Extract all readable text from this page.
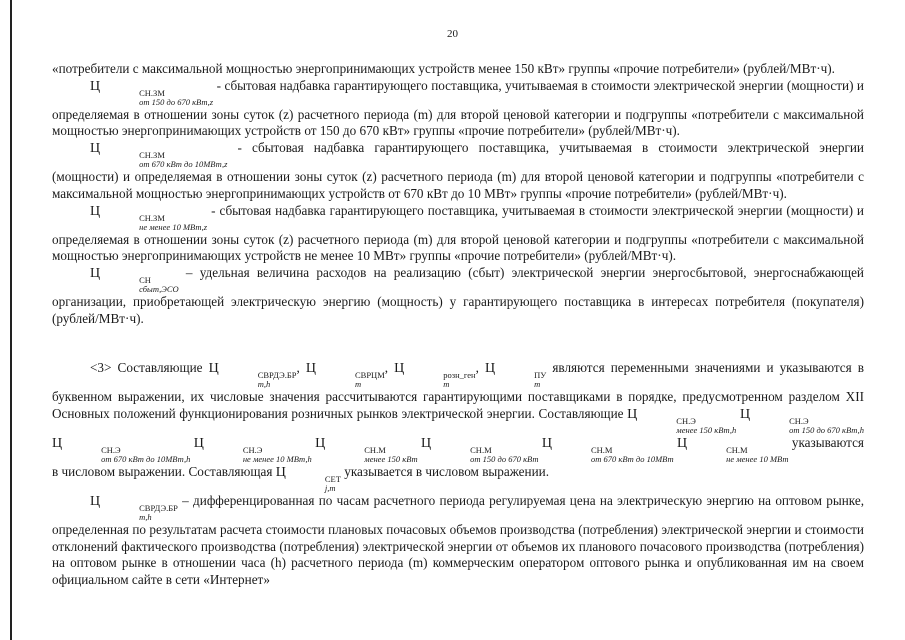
20

«потребители с максимальной мощностью энергопринимающих устройств менее 150 кВт» группы «прочие потребители» (рублей/МВт·ч).

Ц	СН.ЗМ
от 150 до 670 кВт,z
- сбытовая надбавка гарантирующего поставщика, учитываемая в стоимости электрической энергии (мощности) и определяемая в отношении зоны суток (z) расчетного периода (m) для второй ценовой категории и подгруппы «потребители с максимальной мощностью энергопринимающих устройств от 150 до 670 кВт» группы «прочие потребители» (рублей/МВт·ч).

Ц	СН.ЗМ
от 670 кВт до 10МВт,z
- сбытовая надбавка гарантирующего поставщика, учитываемая в стоимости электрической энергии (мощности) и определяемая в отношении зоны суток (z) расчетного периода (m) для второй ценовой категории и подгруппы «потребители с максимальной мощностью энергопринимающих устройств от 670 кВт до 10 МВт» группы «прочие потребители» (рублей/МВт·ч).

Ц	СН.ЗМ
не менее 10 МВт,z
- сбытовая надбавка гарантирующего поставщика, учитываемая в стоимости электрической энергии (мощности) и определяемая в отношении зоны суток (z) расчетного периода (m) для второй ценовой категории и подгруппы «потребители с максимальной мощностью энергопринимающих устройств не менее 10 МВт» группы «прочие потребители» (рублей/МВт·ч).

Ц	СН
сбыт,ЭСО
– удельная величина расходов на реализацию (сбыт) электрической энергии энергосбытовой, энергоснабжающей организации, приобретающей электрическую энергию (мощность) у гарантирующего поставщика в интересах потребителя (покупателя) (рублей/МВт·ч).

<3> Составляющие Ц	СВРДЭ.БР
m,h
, Ц	СВРЦМ
m
, Ц	розн_ген
m
, Ц	ПУ
m
являются переменными значениями и указываются в буквенном выражении, их числовые значения рассчитываются гарантирующими поставщиками в порядке, предусмотренном разделом XII Основных положений функционирования розничных рынков электрической энергии. Составляющие Ц	СН.Э
менее 150 кВт,h
Ц	СН.Э
от 150 до 670 кВт,h
Ц	СН.Э
от 670 кВт до 10МВт,h
Ц	СН.Э
не менее 10 МВт,h
Ц	СН.М
менее 150 кВт
Ц	СН.М
от 150 до 670 кВт
Ц	СН.М
от 670 кВт до 10МВт
Ц	СН.М
не менее 10 МВт
указываются в числовом выражении. Составляющая Ц	СЕТ
j,m
указывается в числовом выражении.

Ц	СВРДЭ.БР
m,h
– дифференцированная по часам расчетного периода регулируемая цена на электрическую энергию на оптовом рынке, определенная по результатам расчета стоимости плановых почасовых объемов производства (потребления) электрической энергии и стоимости отклонений фактического производства (потребления) электрической энергии от объемов их планового почасового производства (потребления) на оптовом рынке в отношении часа (h) расчетного периода (m) коммерческим оператором оптового рынка и опубликованная им на своем официальном сайте в сети «Интернет»
